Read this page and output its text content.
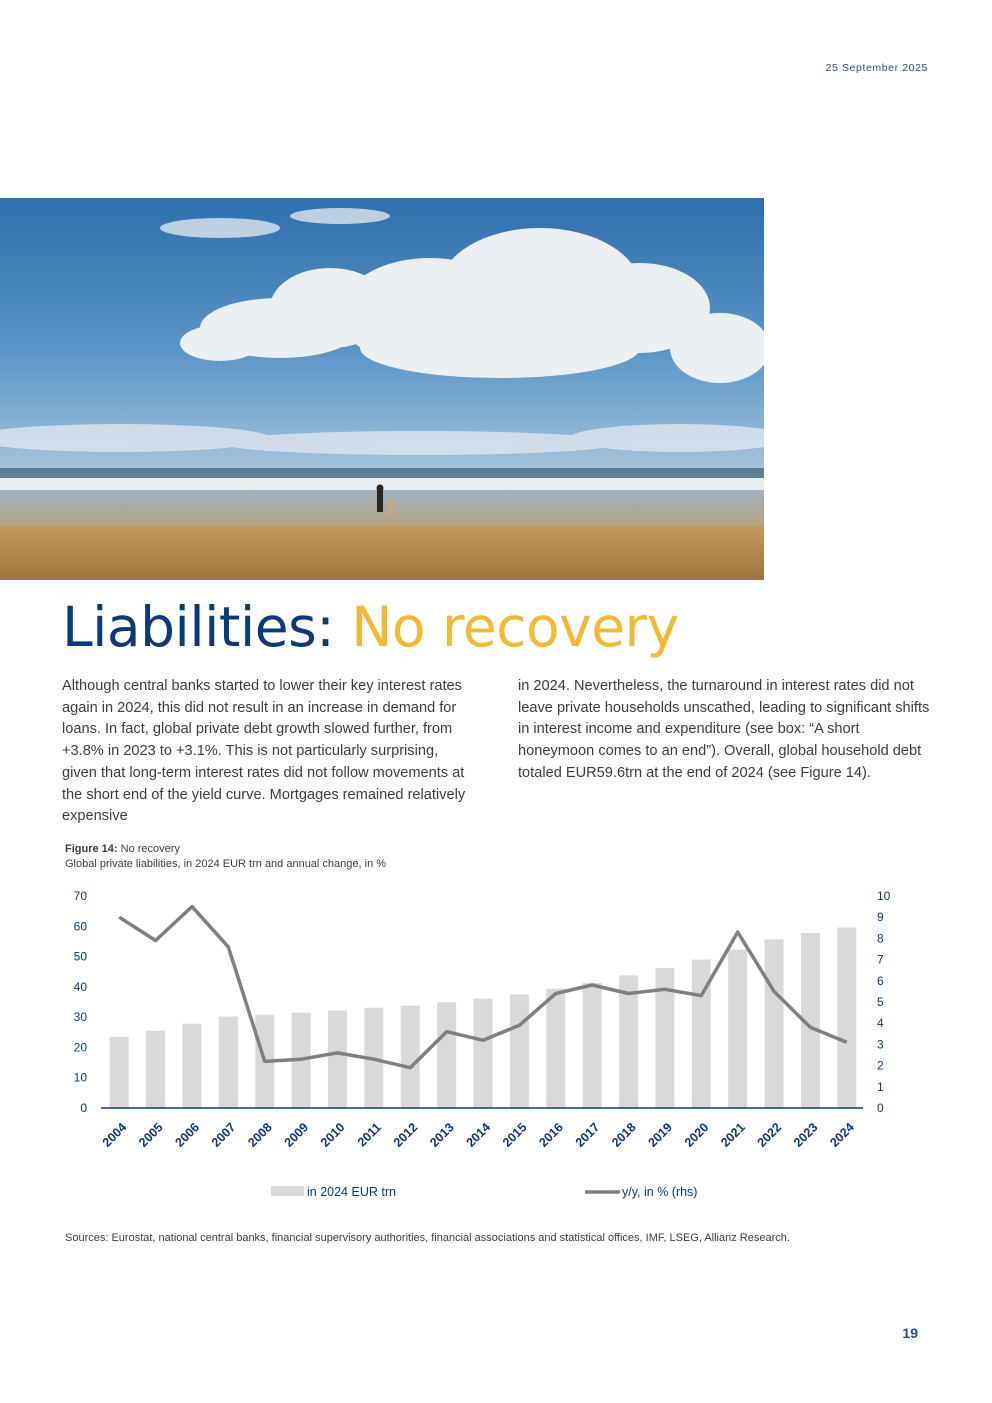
25 September 2025
Liabilities: No recovery

Although central banks started to lower their key interest rates again in 2024, this did not result in an increase in demand for loans. In fact, global private debt growth slowed further, from +3.8% in 2023 to +3.1%. This is not particularly surprising, given that long-term interest rates did not follow movements at the short end of the yield curve. Mortgages remained relatively expensive

in 2024. Nevertheless, the turnaround in interest rates did not leave private households unscathed, leading to significant shifts in interest income and expenditure (see box: “A short honeymoon comes to an end”). Overall, global household debt totaled EUR59.6trn at the end of 2024 (see Figure 14).

Figure 14: No recovery
Global private liabilities, in 2024 EUR trn and annual change, in %
0
10
20
30
40
50
60
70
0
1
2
3
4
5
6
7
8
9
10
2004 2005 2006 2007 2008 2009 2010 2011 2012 2013 2014 2015 2016 2017 2018 2019 2020 2021 2022 2023 2024
in 2024 EUR trn	y/y, in % (rhs)
Sources: Eurostat, national central banks, financial supervisory authorities, financial associations and statistical offices, IMF, LSEG, Allianz Research.
19
